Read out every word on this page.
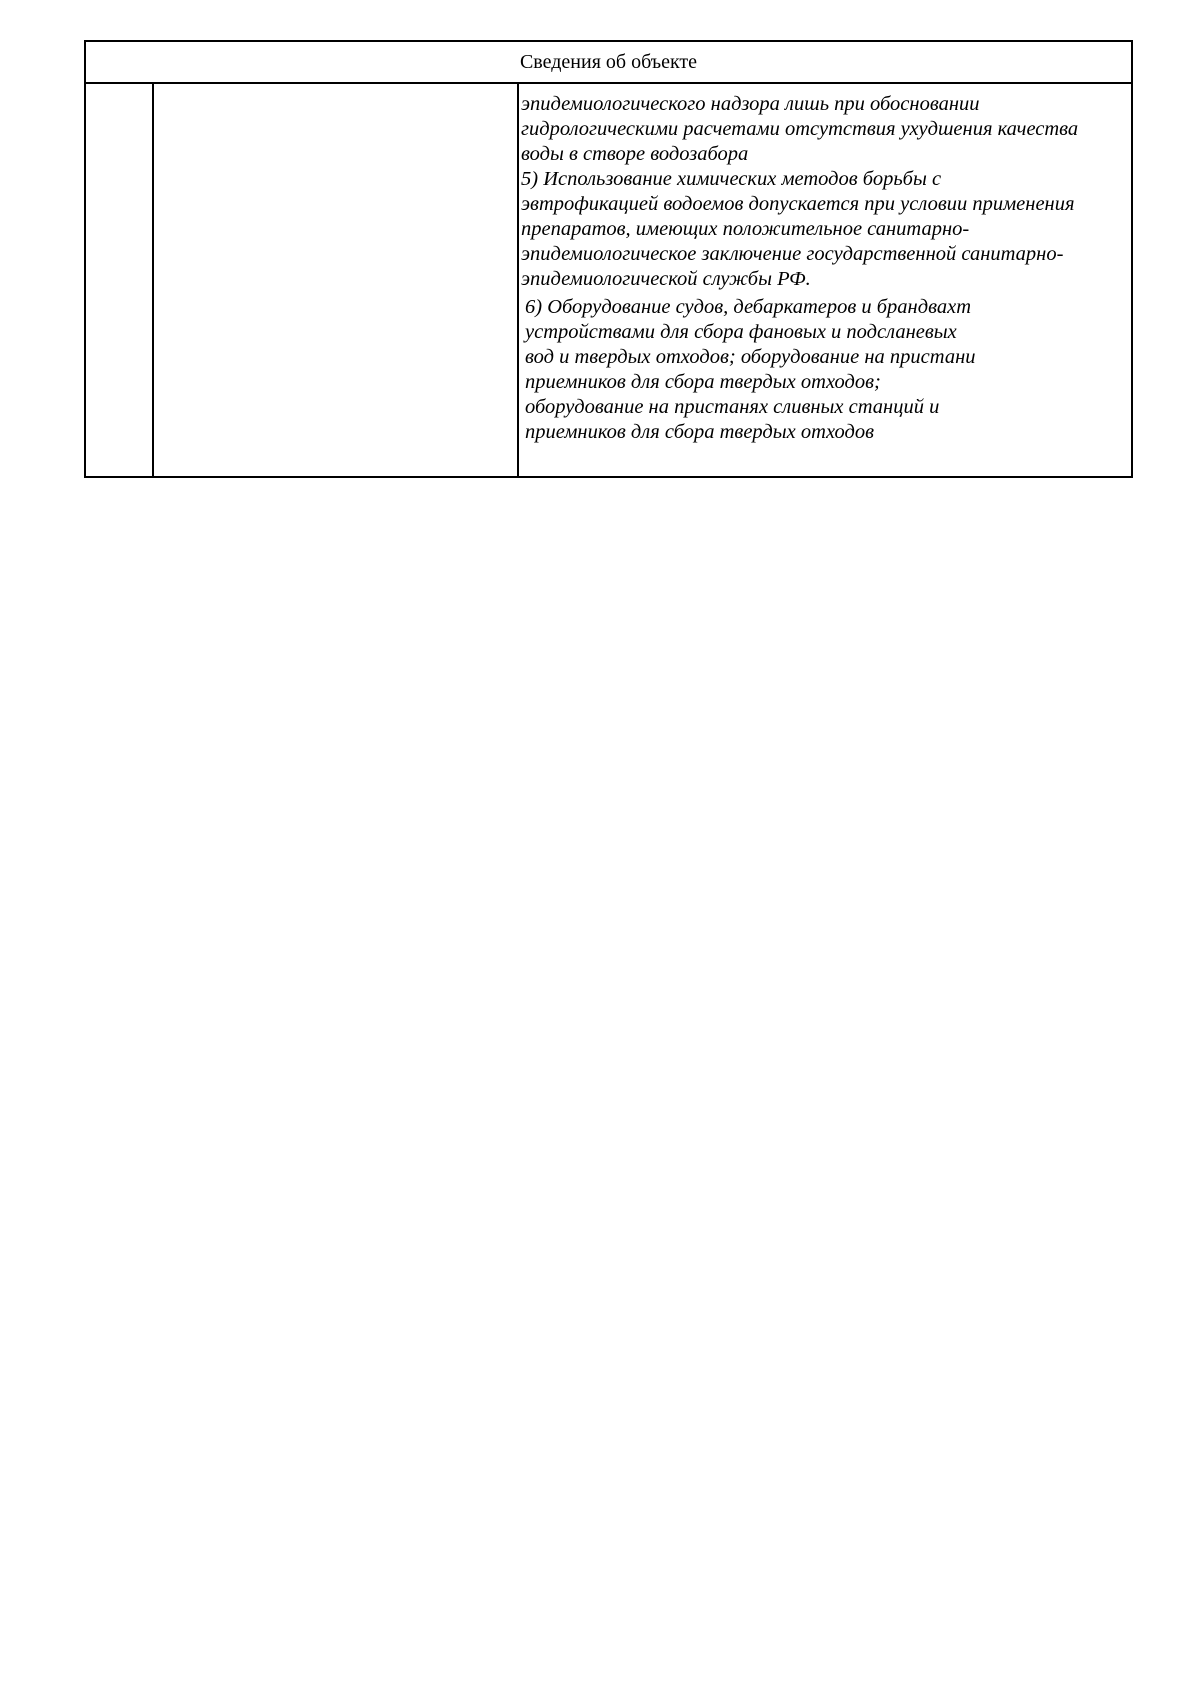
Сведения об объекте
эпидемиологического надзора лишь при обосновании
гидрологическими расчетами отсутствия ухудшения качества
воды в створе водозабора
5) Использование химических методов борьбы с
эвтрофикацией водоемов допускается при условии применения
препаратов, имеющих положительное санитарно-
эпидемиологическое заключение государственной санитарно-
эпидемиологической службы РФ.
6) Оборудование судов, дебаркатеров и брандвахт
устройствами для сбора фановых и подсланевых
вод и твердых отходов; оборудование на пристани
приемников для сбора твердых отходов;
оборудование на пристанях сливных станций и
приемников для сбора твердых отходов
